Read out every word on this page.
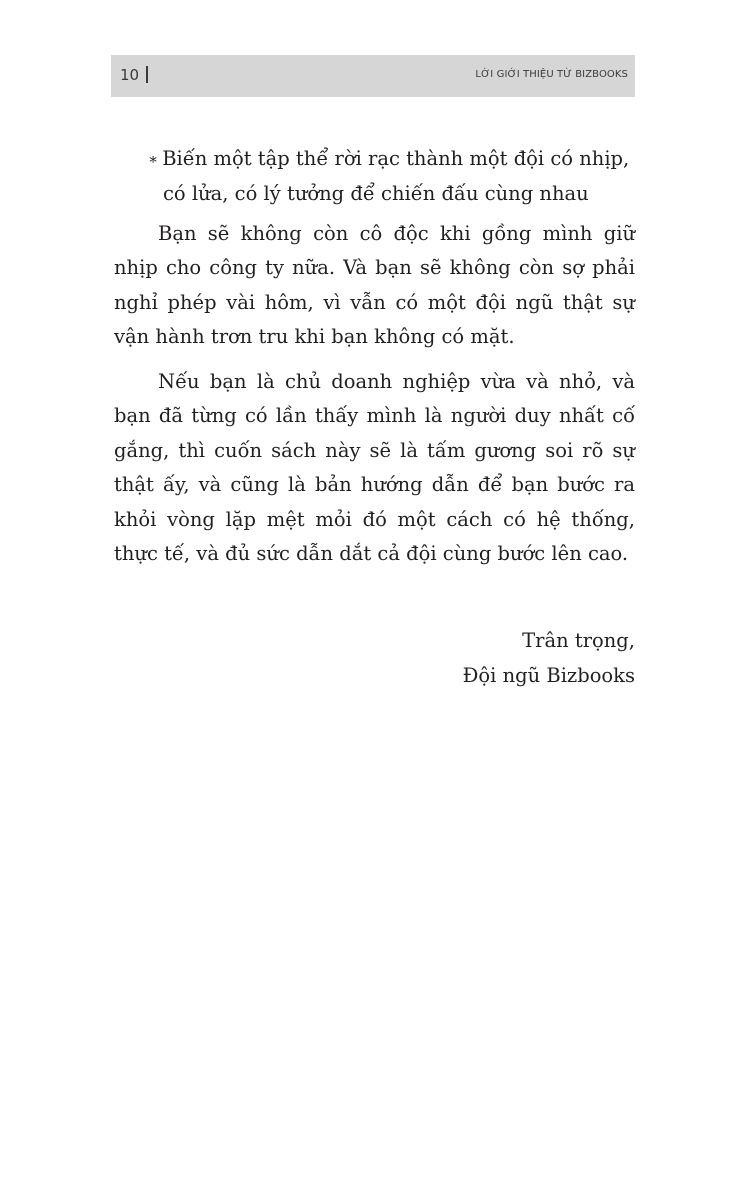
10	LỜI GIỚI THIỆU TỪ BIZBOOKS
∗ Biến một tập thể rời rạc thành một đội có nhịp,
có lửa, có lý tưởng để chiến đấu cùng nhau
Bạn sẽ không còn cô độc khi gồng mình giữ
nhịp cho công ty nữa. Và bạn sẽ không còn sợ phải
nghỉ phép vài hôm, vì vẫn có một đội ngũ thật sự
vận hành trơn tru khi bạn không có mặt.
Nếu bạn là chủ doanh nghiệp vừa và nhỏ, và
bạn đã từng có lần thấy mình là người duy nhất cố
gắng, thì cuốn sách này sẽ là tấm gương soi rõ sự
thật ấy, và cũng là bản hướng dẫn để bạn bước ra
khỏi vòng lặp mệt mỏi đó một cách có hệ thống,
thực tế, và đủ sức dẫn dắt cả đội cùng bước lên cao.
Trân trọng,
Đội ngũ Bizbooks
